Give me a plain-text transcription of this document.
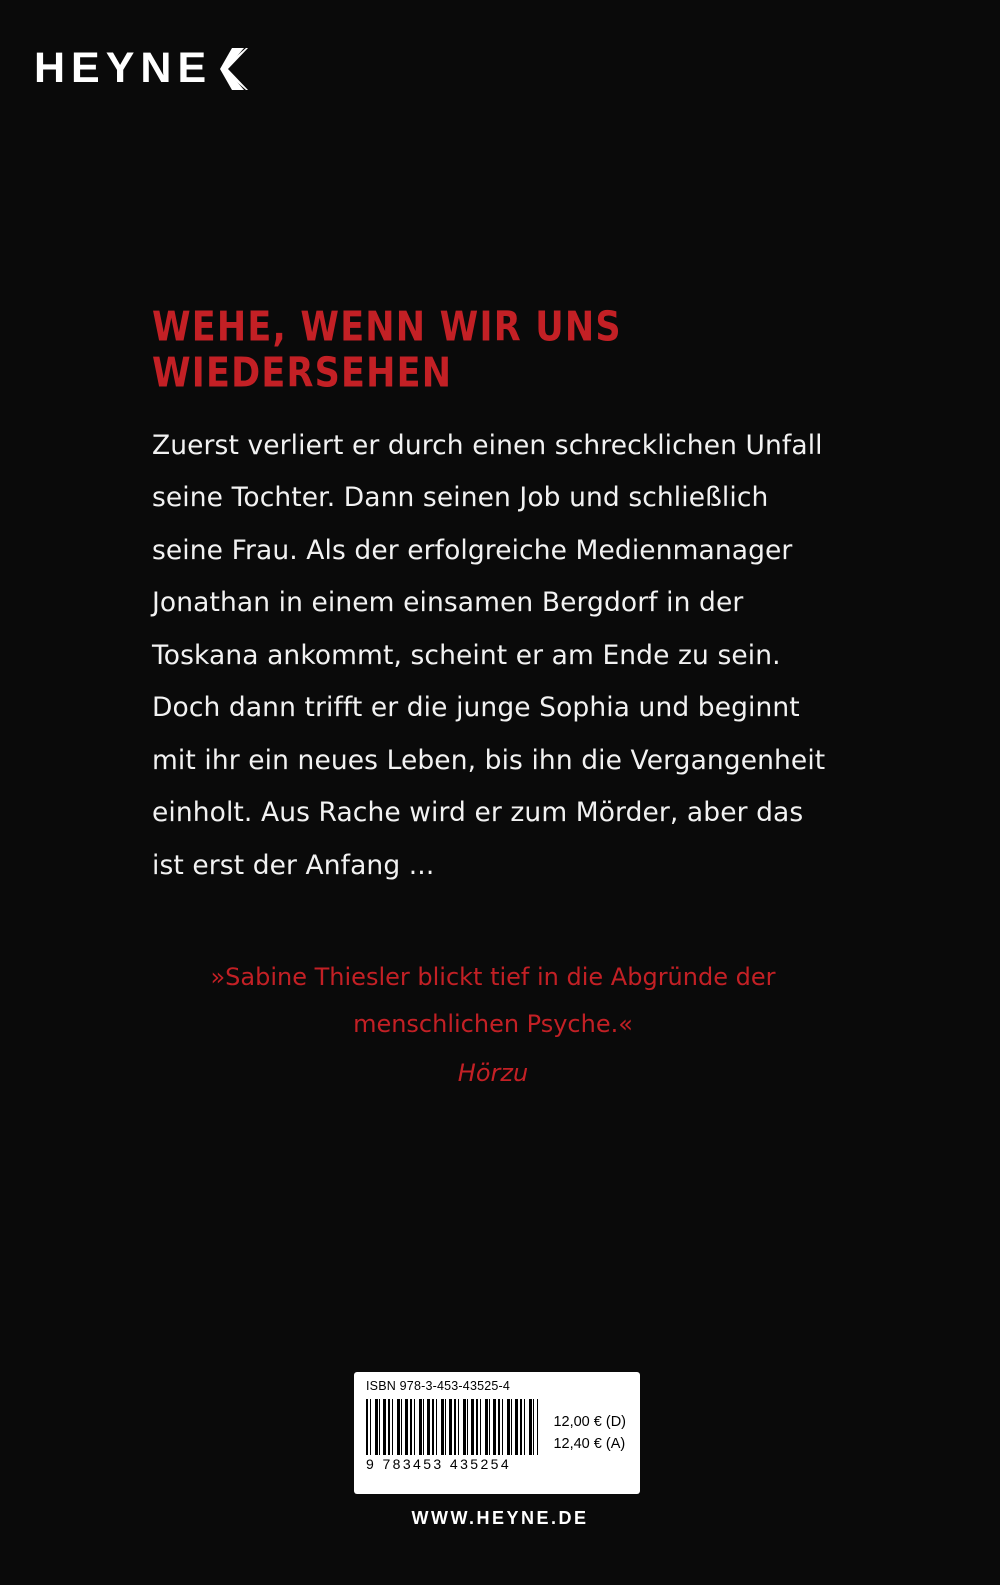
HEYNE
WEHE, WENN WIR UNS WIEDERSEHEN

Zuerst verliert er durch einen schrecklichen Unfall seine Tochter. Dann seinen Job und schließlich seine Frau. Als der erfolgreiche Medienmanager Jonathan in einem einsamen Bergdorf in der Toskana ankommt, scheint er am Ende zu sein. Doch dann trifft er die junge Sophia und beginnt mit ihr ein neues Leben, bis ihn die Vergangenheit einholt. Aus Rache wird er zum Mörder, aber das ist erst der Anfang ...

»Sabine Thiesler blickt tief in die Abgründe der menschlichen Psyche.«
Hörzu
ISBN 978-3-453-43525-4
9 783453 435254
12,00 € (D)
12,40 € (A)
WWW.HEYNE.DE
